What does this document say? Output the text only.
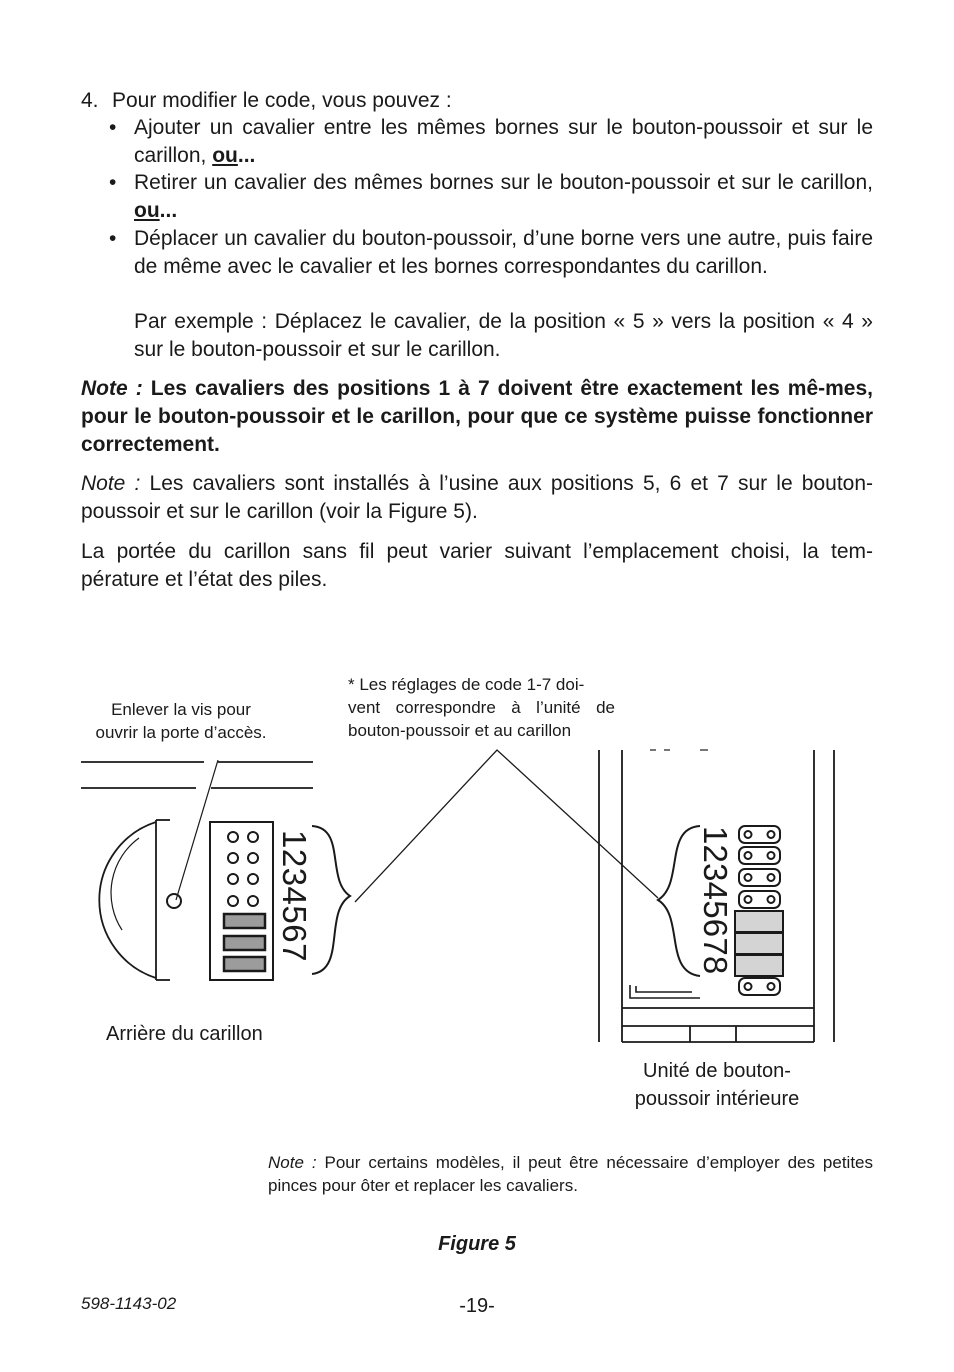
4. Pour modifier le code, vous pouvez :
• Ajouter un cavalier entre les mêmes bornes sur le bouton-poussoir et sur le carillon, ou...
• Retirer un cavalier des mêmes bornes sur le bouton-poussoir et sur le carillon, ou...
• Déplacer un cavalier du bouton-poussoir, d’une borne vers une autre, puis faire de même avec le cavalier et les bornes correspondantes du carillon.
Par exemple : Déplacez le cavalier, de la position « 5 » vers la position « 4 » sur le bouton-poussoir et sur le carillon.
Note : Les cavaliers des positions 1 à 7 doivent être exactement les mê-mes, pour le bouton-poussoir et le carillon, pour que ce système puisse fonctionner correctement.
Note : Les cavaliers sont installés à l’usine aux positions 5, 6 et 7 sur le bouton-poussoir et sur le carillon (voir la Figure 5).
La portée du carillon sans fil peut varier suivant l’emplacement choisi, la tem-pérature et l’état des piles.
Enlever la vis pour
ouvrir la porte d’accès.
* Les réglages de code 1-7 doi-
vent correspondre à l’unité de
bouton-poussoir et au carillon
1234567	12345678
Arrière du carillon
Unité de bouton-
poussoir intérieure
Note : Pour certains modèles, il peut être nécessaire d’employer des petites pinces pour ôter et replacer les cavaliers.
Figure 5
598-1143-02	-19-
